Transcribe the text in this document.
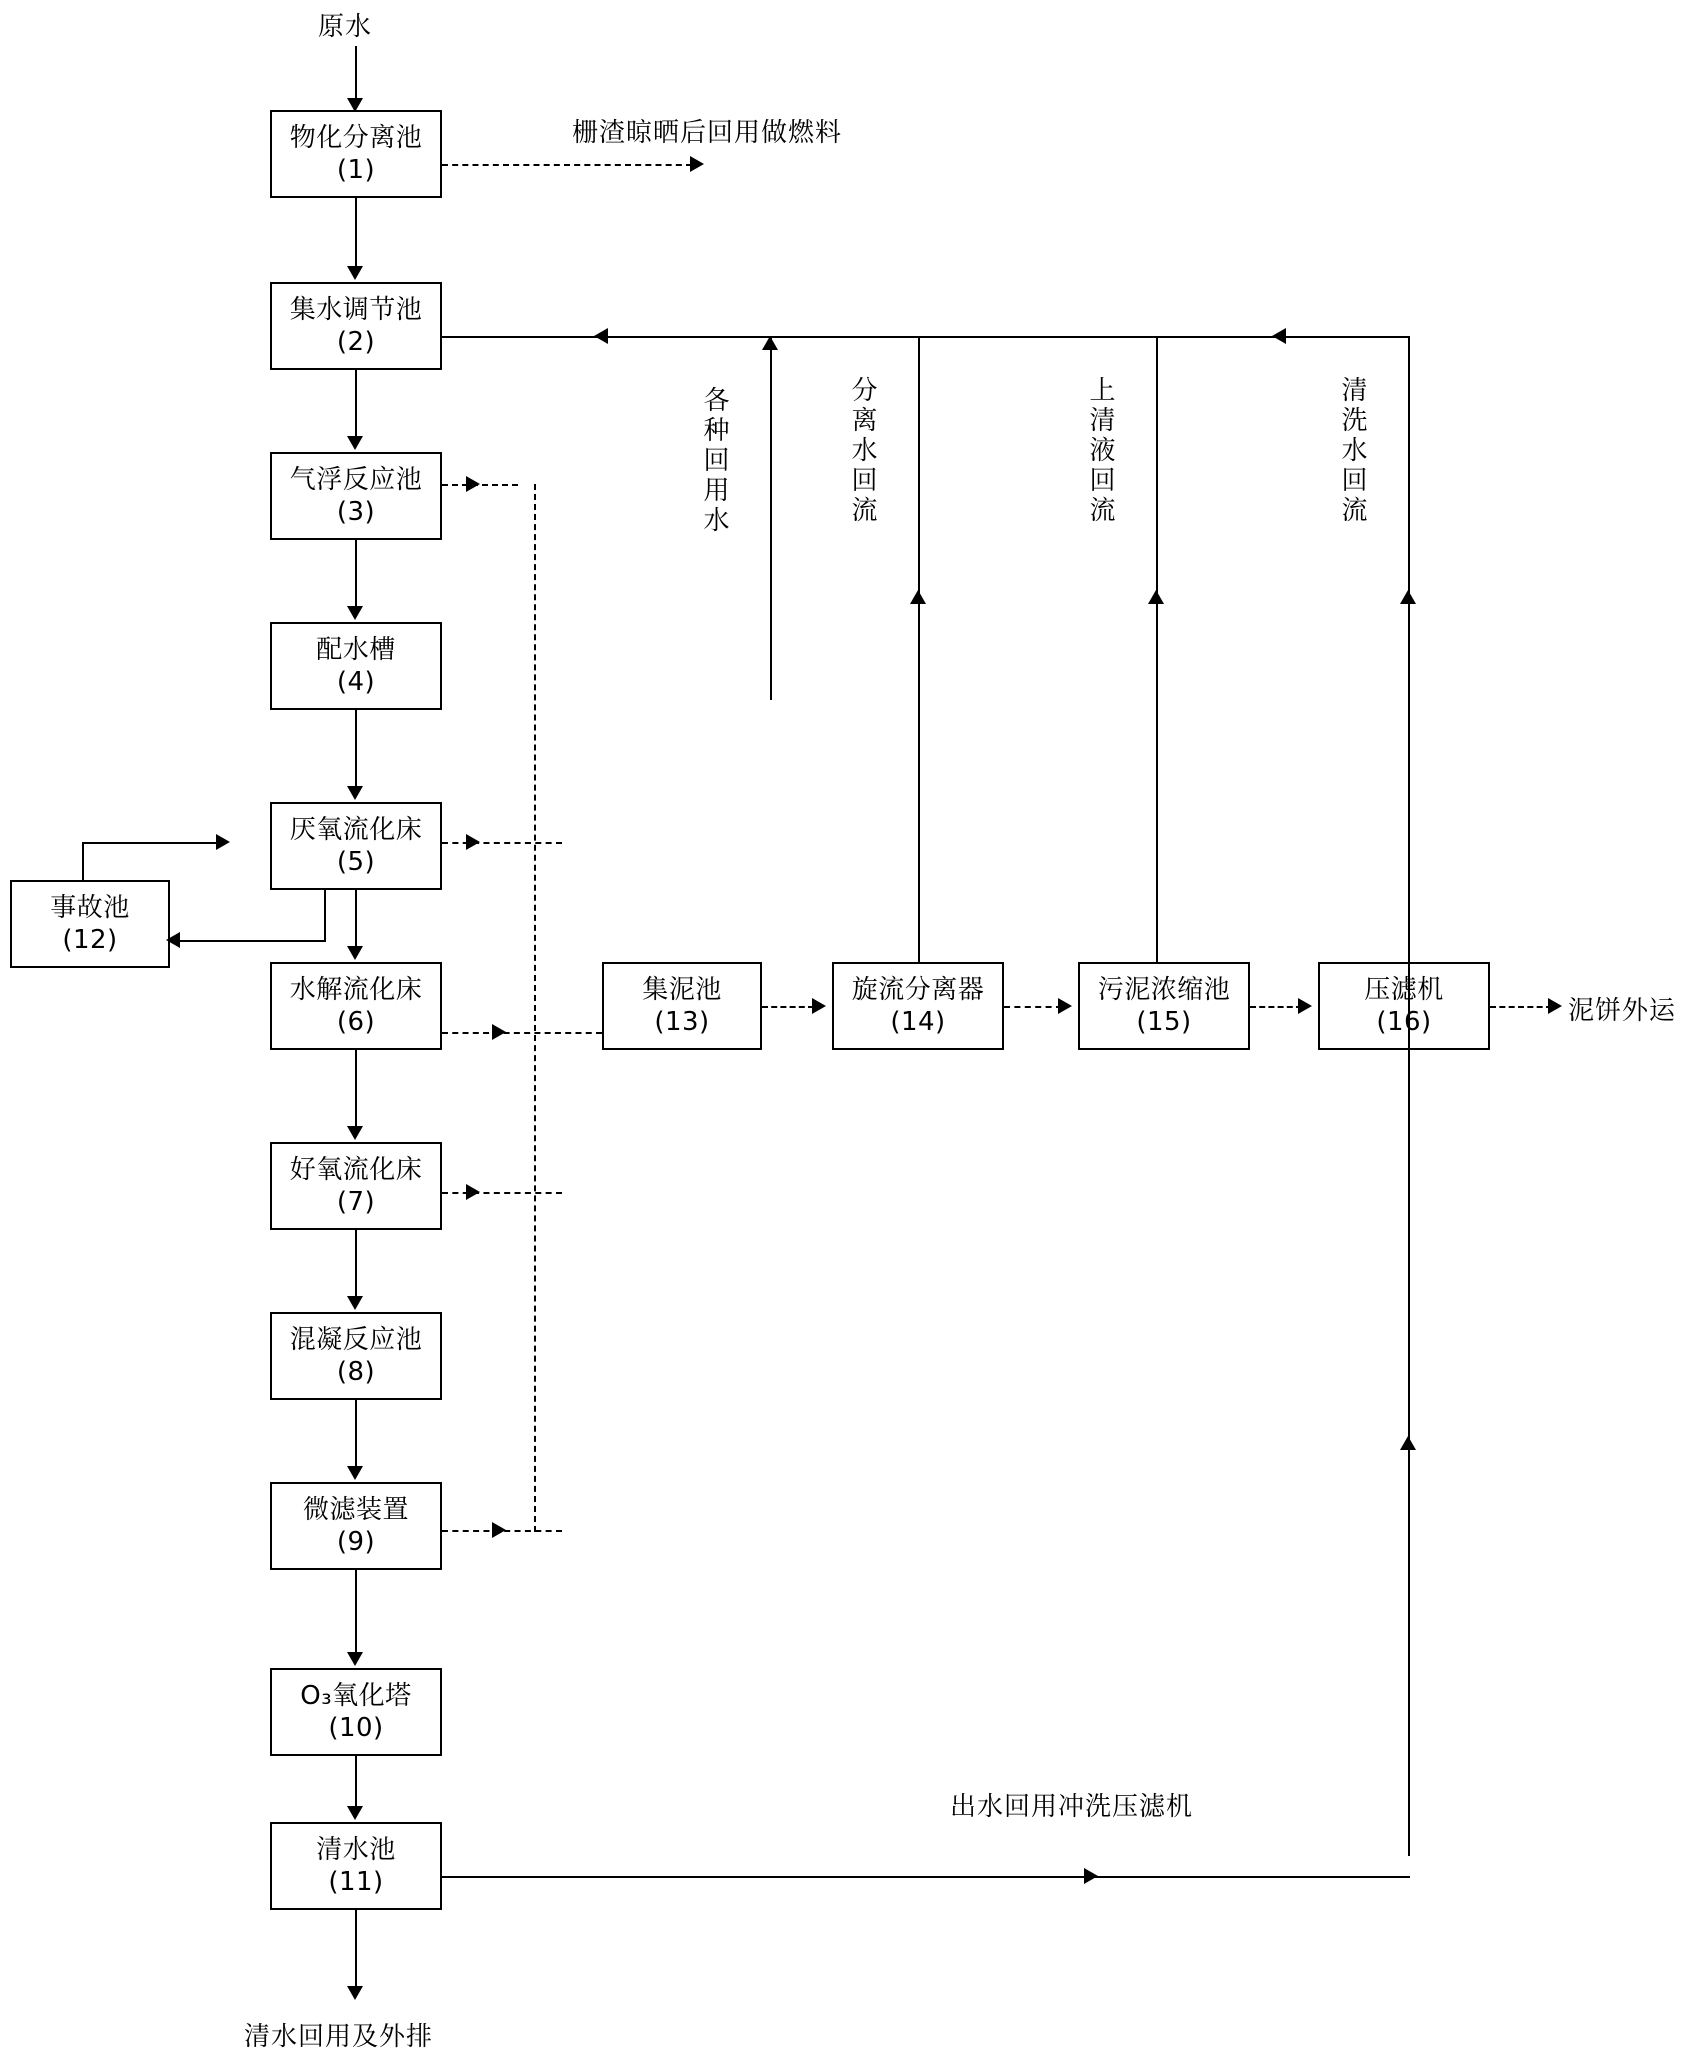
原水
物化分离池
(1)
集水调节池
(2)
气浮反应池
(3)
配水槽
(4)
厌氧流化床
(5)
水解流化床
(6)
好氧流化床
(7)
混凝反应池
(8)
微滤装置
(9)
O₃氧化塔
(10)
清水池
(11)
事故池
(12)
集泥池
(13)
旋流分离器
(14)
污泥浓缩池
(15)
压滤机
(16)
清水回用及外排
栅渣晾晒后回用做燃料
泥饼外运
各种回用水	分离水回流	上清液回流	清洗水回流
出水回用冲洗压滤机
